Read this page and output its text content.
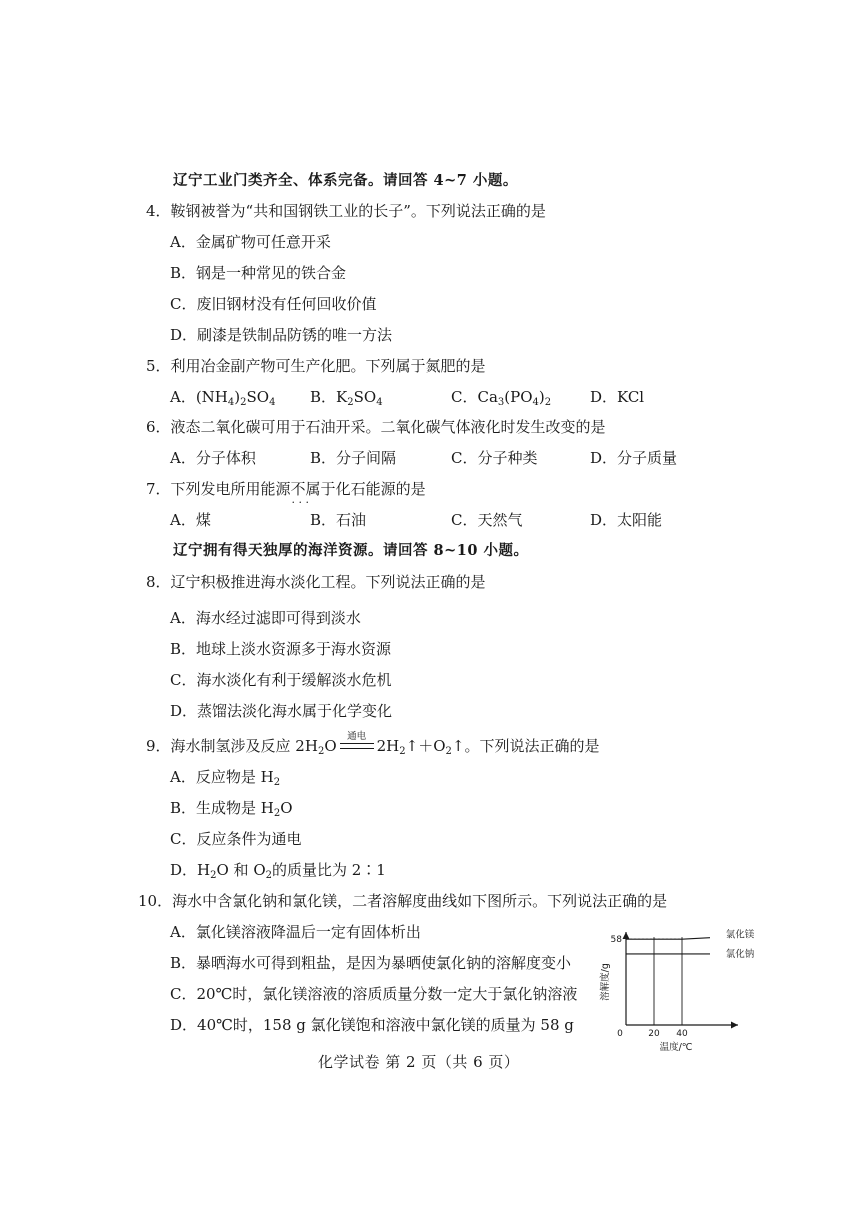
辽宁工业门类齐全、体系完备。请回答 4~7 小题。
4．鞍钢被誉为“共和国钢铁工业的长子”。下列说法正确的是
A．金属矿物可任意开采
B．钢是一种常见的铁合金
C．废旧钢材没有任何回收价值
D．刷漆是铁制品防锈的唯一方法
5．利用冶金副产物可生产化肥。下列属于氮肥的是
A．$(NH_4)_2SO_4$ B．$K_2SO_4$	C．$Ca_3(PO_4)_2$	D．KCl
6．液态二氧化碳可用于石油开采。二氧化碳气体液化时发生改变的是
A．分子体积	B．分子间隔	C．分子种类	D．分子质量
7．下列发电所用能源不属于 · · ·化石能源的是
A．煤	B．石油	C．天然气	D．太阳能
辽宁拥有得天独厚的海洋资源。请回答 8~10 小题。
8．辽宁积极推进海水淡化工程。下列说法正确的是
A．海水经过滤即可得到淡水
B．地球上淡水资源多于海水资源
C．海水淡化有利于缓解淡水危机
D．蒸馏法淡化海水属于化学变化
9．海水制氢涉及反应 $2H_2O$
通电
$2H_2↑+O_2↑$。下列说法正确的是
A．反应物是 $H_2$
B．生成物是 $H_2O$
C．反应条件为通电
D．$H_2O$ 和 $O_2$的质量比为 2∶1
10．海水中含氯化钠和氯化镁，二者溶解度曲线如下图所示。下列说法正确的是
A．氯化镁溶液降温后一定有固体析出
B．暴晒海水可得到粗盐，是因为暴晒使氯化钠的溶解度变小
C．20℃时，氯化镁溶液的溶质质量分数一定大于氯化钠溶液
D．40℃时，158 g 氯化镁饱和溶液中氯化镁的质量为 58 g
氯化镁
氯化钠
0	20 40
58
溶解度/g
温度/℃
化学试卷 第 2 页（共 6 页）
